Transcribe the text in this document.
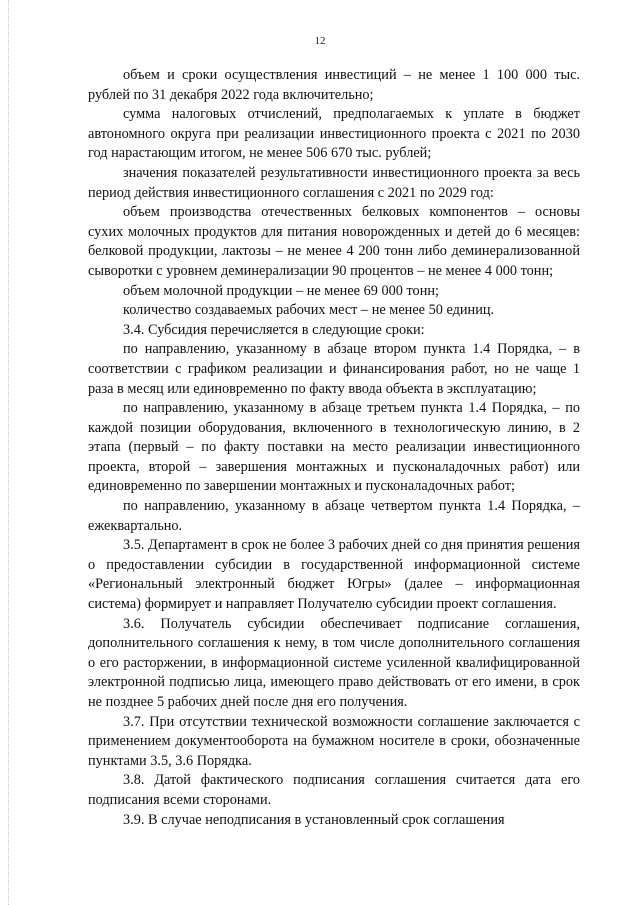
12

объем и сроки осуществления инвестиций – не менее 1 100 000 тыс. рублей по 31 декабря 2022 года включительно;

сумма налоговых отчислений, предполагаемых к уплате в бюджет автономного округа при реализации инвестиционного проекта с 2021 по 2030 год нарастающим итогом, не менее 506 670 тыс. рублей;

значения показателей результативности инвестиционного проекта за весь период действия инвестиционного соглашения с 2021 по 2029 год:

объем производства отечественных белковых компонентов – основы сухих молочных продуктов для питания новорожденных и детей до 6 месяцев: белковой продукции, лактозы – не менее 4 200 тонн либо деминерализованной сыворотки с уровнем деминерализации 90 процентов – не менее 4 000 тонн;

объем молочной продукции – не менее 69 000 тонн;

количество создаваемых рабочих мест – не менее 50 единиц.

3.4. Субсидия перечисляется в следующие сроки:

по направлению, указанному в абзаце втором пункта 1.4 Порядка, – в соответствии с графиком реализации и финансирования работ, но не чаще 1 раза в месяц или единовременно по факту ввода объекта в эксплуатацию;

по направлению, указанному в абзаце третьем пункта 1.4 Порядка, – по каждой позиции оборудования, включенного в технологическую линию, в 2 этапа (первый – по факту поставки на место реализации инвестиционного проекта, второй – завершения монтажных и пусконаладочных работ) или единовременно по завершении монтажных и пусконаладочных работ;

по направлению, указанному в абзаце четвертом пункта 1.4 Порядка, – ежеквартально.

3.5. Департамент в срок не более 3 рабочих дней со дня принятия решения о предоставлении субсидии в государственной информационной системе «Региональный электронный бюджет Югры» (далее – информационная система) формирует и направляет Получателю субсидии проект соглашения.

3.6. Получатель субсидии обеспечивает подписание соглашения, дополнительного соглашения к нему, в том числе дополнительного соглашения о его расторжении, в информационной системе усиленной квалифицированной электронной подписью лица, имеющего право действовать от его имени, в срок не позднее 5 рабочих дней после дня его получения.

3.7. При отсутствии технической возможности соглашение заключается с применением документооборота на бумажном носителе в сроки, обозначенные пунктами 3.5, 3.6 Порядка.

3.8. Датой фактического подписания соглашения считается дата его подписания всеми сторонами.

3.9. В случае неподписания в установленный срок соглашения
